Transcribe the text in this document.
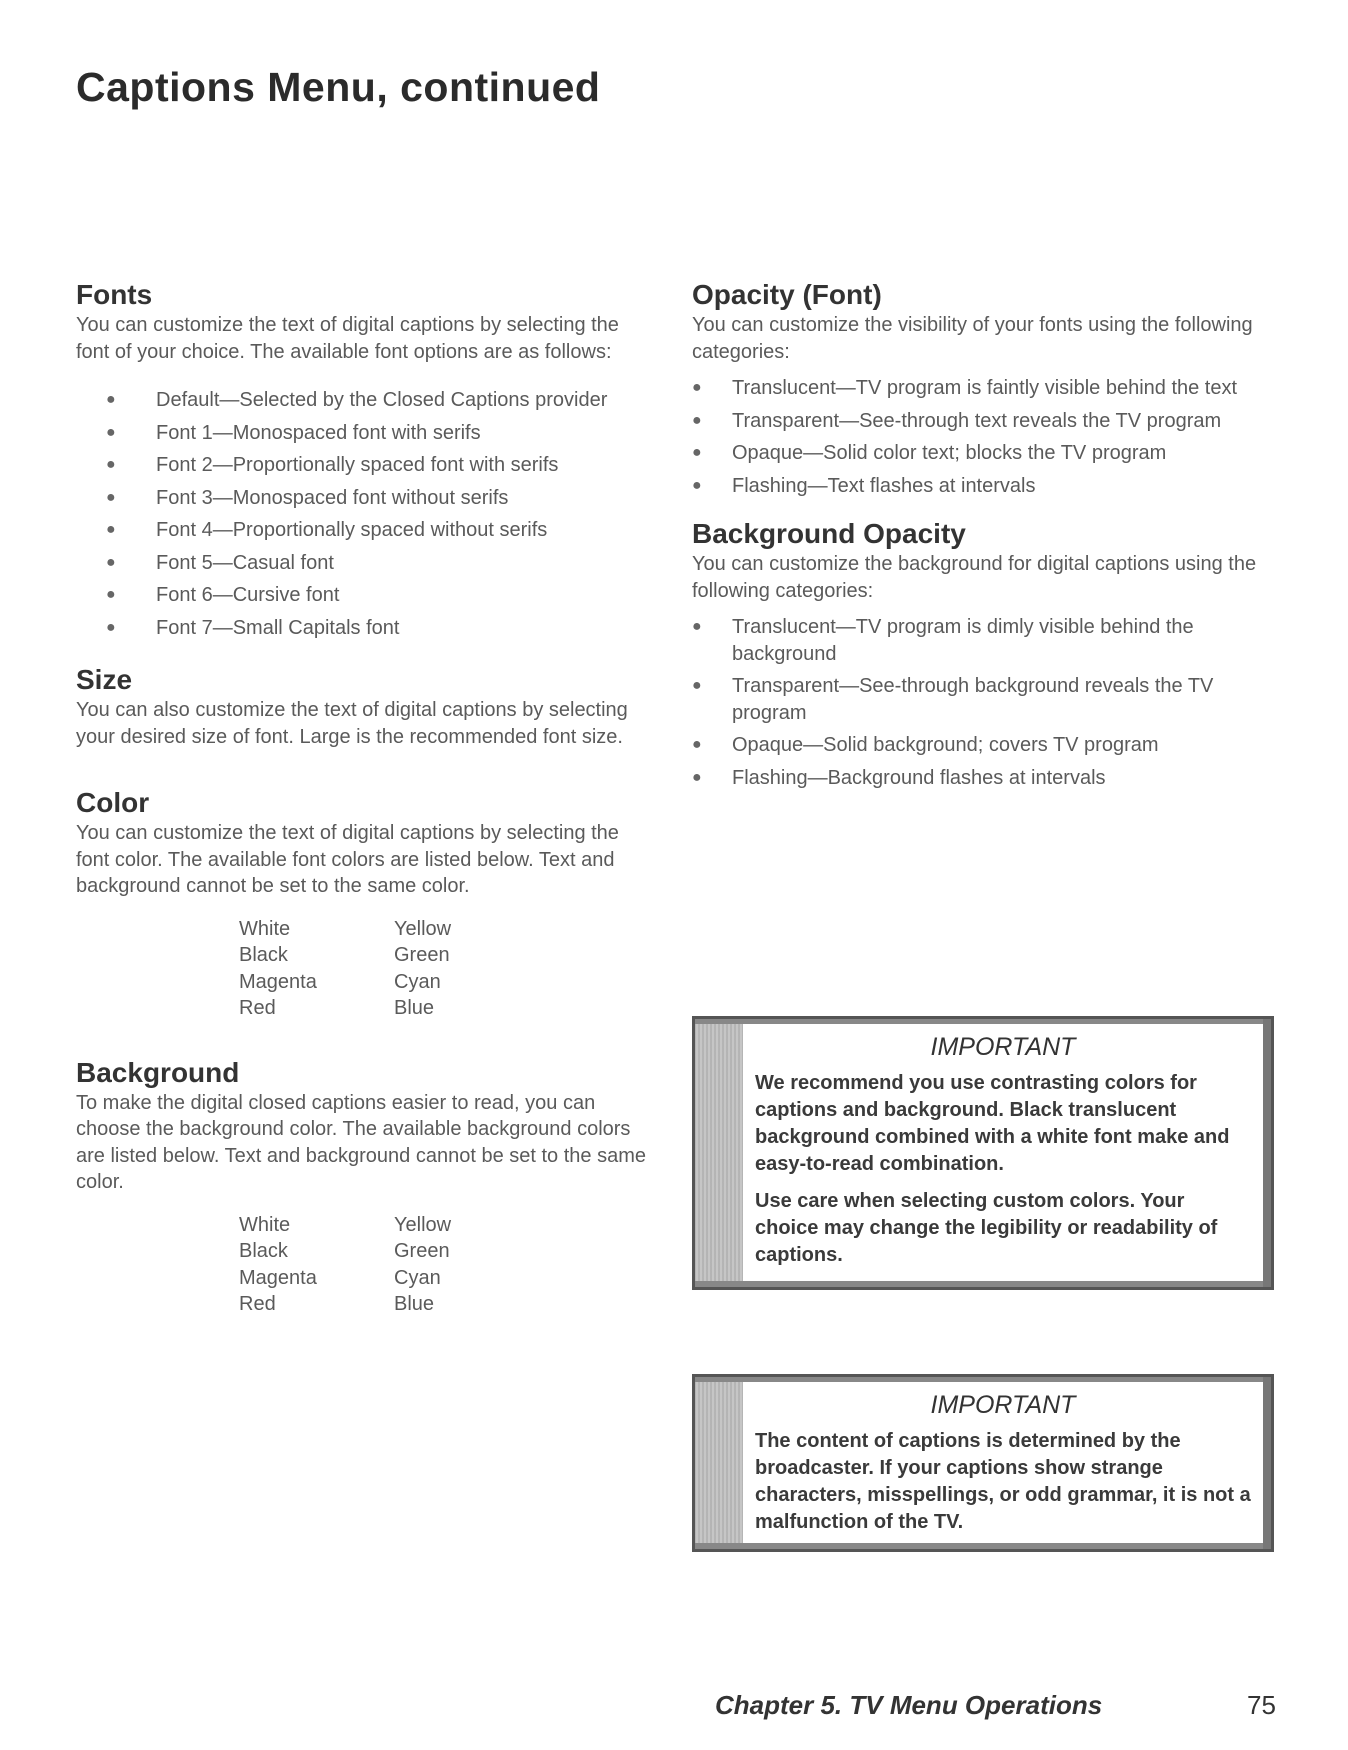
Captions Menu, continued
Fonts

You can customize the text of digital captions by selecting the font of your choice. The available font options are as follows:

● Default—Selected by the Closed Captions provider
● Font 1—Monospaced font with serifs
● Font 2—Proportionally spaced font with serifs
● Font 3—Monospaced font without serifs
● Font 4—Proportionally spaced without serifs
● Font 5—Casual font
● Font 6—Cursive font
● Font 7—Small Capitals font
Size

You can also customize the text of digital captions by selecting your desired size of font. Large is the recommended font size.

Color

You can customize the text of digital captions by selecting the font color. The available font colors are listed below. Text and background cannot be set to the same color.

White	Yellow
Black	Green
Magenta	Cyan
Red	Blue
Background

To make the digital closed captions easier to read, you can choose the background color. The available background colors are listed below. Text and background cannot be set to the same color.

White	Yellow
Black	Green
Magenta	Cyan
Red	Blue
Opacity (Font)

You can customize the visibility of your fonts using the following categories:

● Translucent—TV program is faintly visible behind the text
● Transparent—See-through text reveals the TV program
● Opaque—Solid color text; blocks the TV program
● Flashing—Text flashes at intervals
Background Opacity

You can customize the background for digital captions using the following categories:

● Translucent—TV program is dimly visible behind the background
● Transparent—See-through background reveals the TV program
● Opaque—Solid background; covers TV program
● Flashing—Background flashes at intervals
IMPORTANT

We recommend you use contrasting colors for captions and background. Black translucent background combined with a white font make and easy-to-read combination.

Use care when selecting custom colors. Your choice may change the legibility or readability of captions.

IMPORTANT

The content of captions is determined by the broadcaster. If your captions show strange characters, misspellings, or odd grammar, it is not a malfunction of the TV.

Chapter 5. TV Menu Operations	75
